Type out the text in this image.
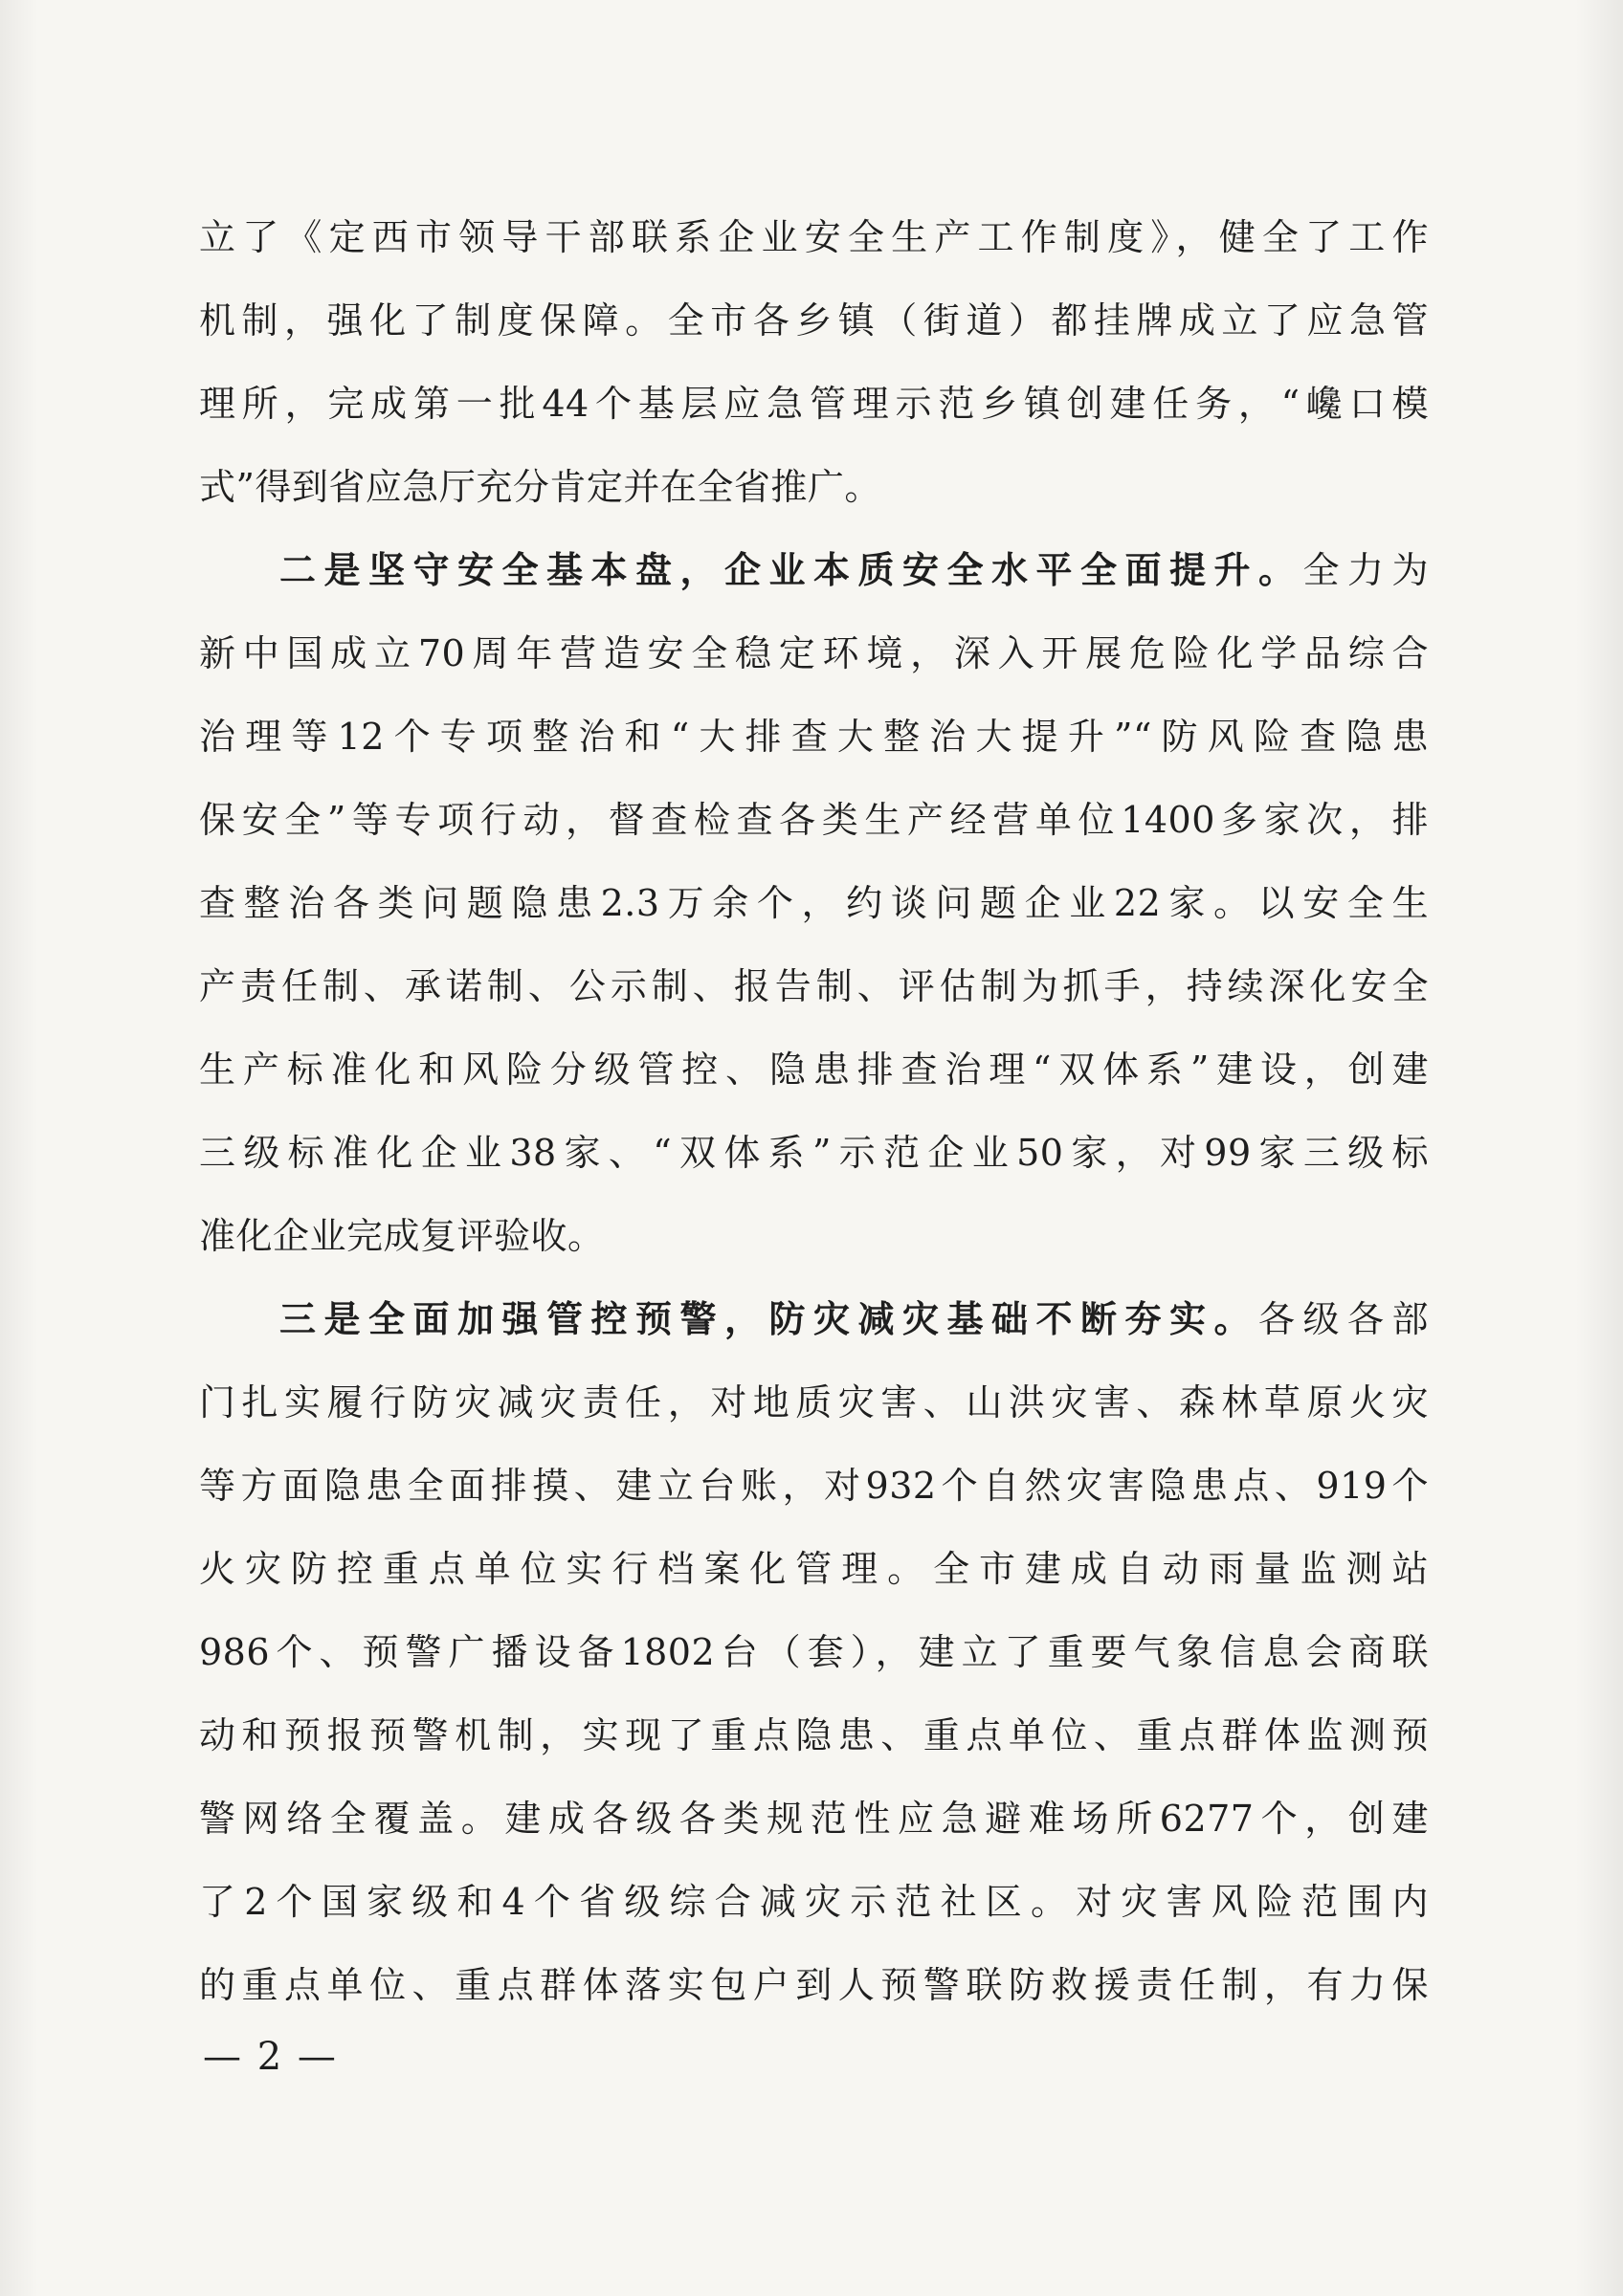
立了《定西市领导干部联系企业安全生产工作制度》，健全了工作
机制，强化了制度保障。全市各乡镇（街道）都挂牌成立了应急管
理所，完成第一批44个基层应急管理示范乡镇创建任务，“巉口模
式”得到省应急厅充分肯定并在全省推广。
二是坚守安全基本盘，企业本质安全水平全面提升。全力为
新中国成立70周年营造安全稳定环境，深入开展危险化学品综合
治理等12个专项整治和“大排查大整治大提升”“防风险查隐患
保安全”等专项行动，督查检查各类生产经营单位1400多家次，排
查整治各类问题隐患2.3万余个，约谈问题企业22家。以安全生
产责任制、承诺制、公示制、报告制、评估制为抓手，持续深化安全
生产标准化和风险分级管控、隐患排查治理“双体系”建设，创建
三级标准化企业38家、“双体系”示范企业50家，对99家三级标
准化企业完成复评验收。
三是全面加强管控预警，防灾减灾基础不断夯实。各级各部
门扎实履行防灾减灾责任，对地质灾害、山洪灾害、森林草原火灾
等方面隐患全面排摸、建立台账，对932个自然灾害隐患点、919个
火灾防控重点单位实行档案化管理。全市建成自动雨量监测站
986个、预警广播设备1802台（套），建立了重要气象信息会商联
动和预报预警机制，实现了重点隐患、重点单位、重点群体监测预
警网络全覆盖。建成各级各类规范性应急避难场所6277个，创建
了2个国家级和4个省级综合减灾示范社区。对灾害风险范围内
的重点单位、重点群体落实包户到人预警联防救援责任制，有力保
— 2 —
